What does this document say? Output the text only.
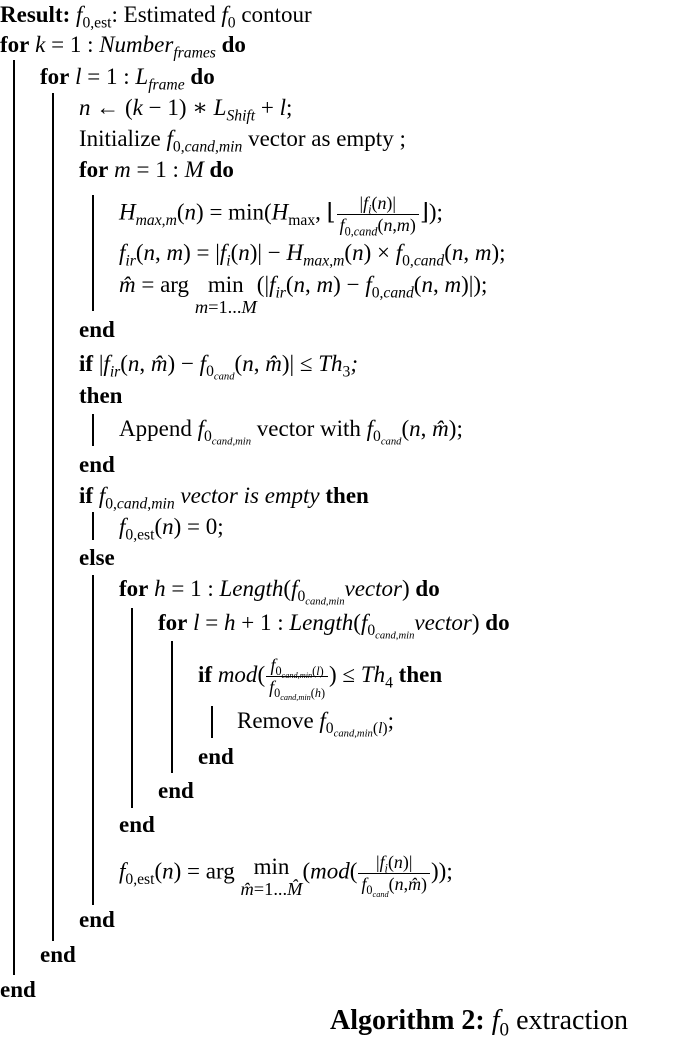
Result: $f_{0,est}$: Estimated $f_0$ contour
for k = 1 : Number$_{frames}$ do
for l = 1 : $L_{frame}$ do
n ← (k − 1) ∗ $L_{Shift} + l$;
Initialize $f_{0,cand,min}$ vector as empty ;
for m = 1 : M do
$H_{max,m}(n) = \min(H_{max}$, ⌊ $\frac{|f_i(n)|}{f_{0,cand}(n,m)}$ ⌋);
$f_{ir}(n$, $m) = |f_i(n)| - H_{max,m}(n) \times f_{0,cand}(n$, m);
m̂ = arg min
m=1...M
($|f_{ir}(n$, $m) - f_{0,cand}(n$, m)|);
end
if $|f_{ir}(n$, m̂) − $f_{0_{cand}}(n$, m̂)| ≤ $Th_3$;
then
Append $f_{0_{cand,min}}$ vector with $f_{0_{cand}}(n$, m̂);
end
if $f_{0,cand,min}$ vector is empty then
$f_{0,est}(n) = 0$;
else
for h = 1 : $Length(f_{0_{cand,min}}vector)$ do
for l = h + 1 : $Length(f_{0_{cand,min}}vector)$ do
if $mod( \frac{f_{0_{cand,min}(l)}}{f_{0_{cand,min}(h)}}$ ) ≤ $Th_4$ then
Remove $f_{0_{cand,min}(l)}$;
end
end
end
$f_{0,est}(n)$ = arg min
m̂=1...M̂
($mod( \frac{|f_i(n)|}{f_{0_{cand}}(n,m̂)}$ ));
end
end
end
Algorithm 2: $f_0$ extraction
